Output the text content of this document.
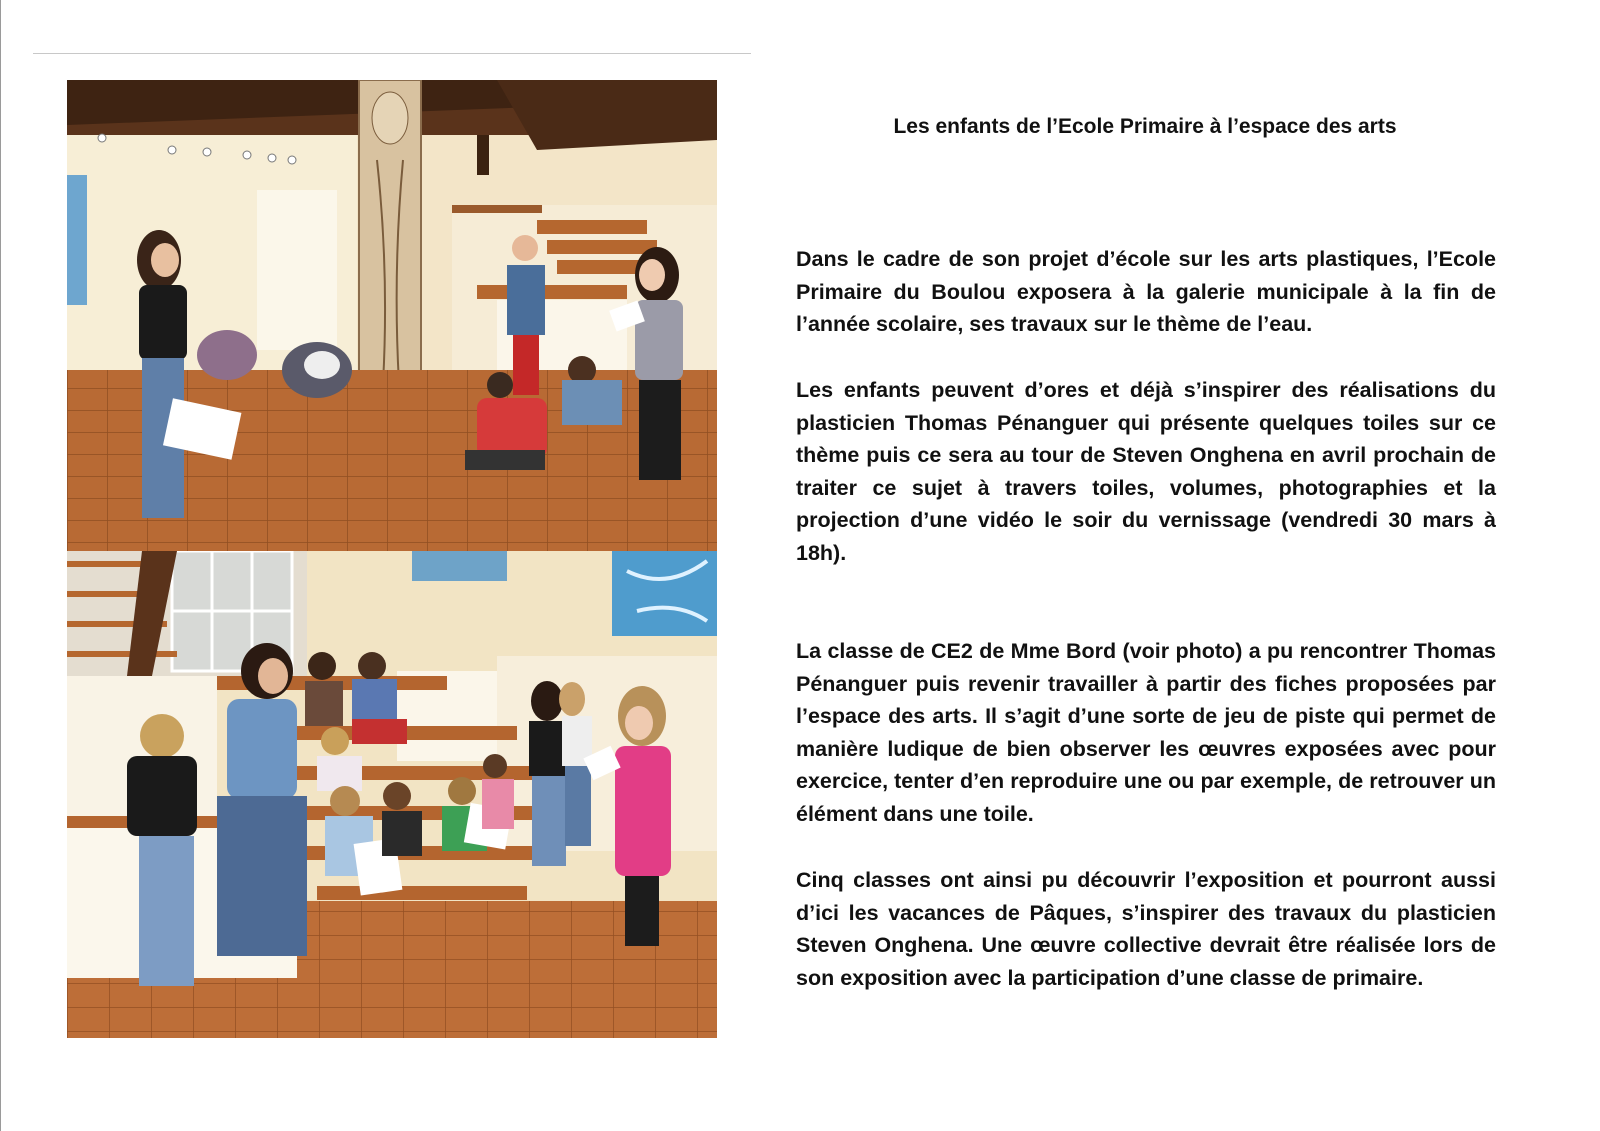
Les enfants de l’Ecole Primaire à l’espace des arts

Dans le cadre de son projet d’école sur les arts plastiques, l’Ecole Primaire du Boulou exposera à la galerie municipale à la fin de l’année scolaire, ses travaux sur le thème de l’eau.

Les enfants peuvent d’ores et déjà s’inspirer des réalisations du plasticien Thomas Pénanguer qui présente quelques toiles sur ce thème puis ce sera au tour de Steven Onghena en avril prochain de traiter ce sujet à travers toiles, volumes, photographies et la projection d’une vidéo le soir du vernissage (vendredi 30 mars à 18h).

La classe de CE2 de Mme Bord (voir photo) a pu rencontrer Thomas Pénanguer puis revenir travailler à partir des fiches proposées par l’espace des arts. Il s’agit d’une sorte de jeu de piste qui permet de manière ludique de bien observer les œuvres exposées avec pour exercice, tenter d’en reproduire une ou par exemple, de retrouver un élément dans une toile.

Cinq classes ont ainsi pu découvrir l’exposition et pourront aussi d’ici les vacances de Pâques, s’inspirer des travaux du plasticien Steven Onghena. Une œuvre collective devrait être réalisée lors de son exposition avec la participation d’une classe de primaire.
